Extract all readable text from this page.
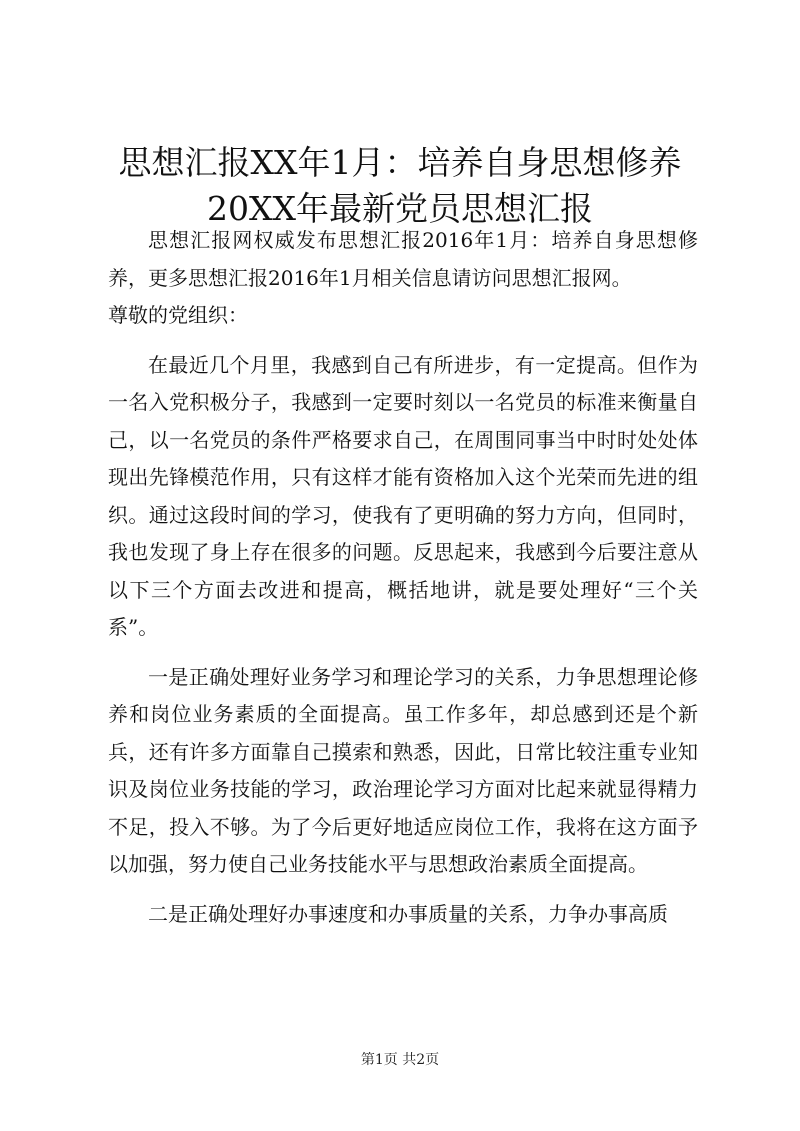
思想汇报XX年1月：培养自身思想修养20XX年最新党员思想汇报

思想汇报网权威发布思想汇报2016年1月：培养自身思想修养，更多思想汇报2016年1月相关信息请访问思想汇报网。

尊敬的党组织：

在最近几个月里，我感到自己有所进步，有一定提高。但作为一名入党积极分子，我感到一定要时刻以一名党员的标准来衡量自己，以一名党员的条件严格要求自己，在周围同事当中时时处处体现出先锋模范作用，只有这样才能有资格加入这个光荣而先进的组织。通过这段时间的学习，使我有了更明确的努力方向，但同时，我也发现了身上存在很多的问题。反思起来，我感到今后要注意从以下三个方面去改进和提高，概括地讲，就是要处理好“三个关系”。

一是正确处理好业务学习和理论学习的关系，力争思想理论修养和岗位业务素质的全面提高。虽工作多年，却总感到还是个新兵，还有许多方面靠自己摸索和熟悉，因此，日常比较注重专业知识及岗位业务技能的学习，政治理论学习方面对比起来就显得精力不足，投入不够。为了今后更好地适应岗位工作，我将在这方面予以加强，努力使自己业务技能水平与思想政治素质全面提高。

二是正确处理好办事速度和办事质量的关系，力争办事高质

第1页 共2页
